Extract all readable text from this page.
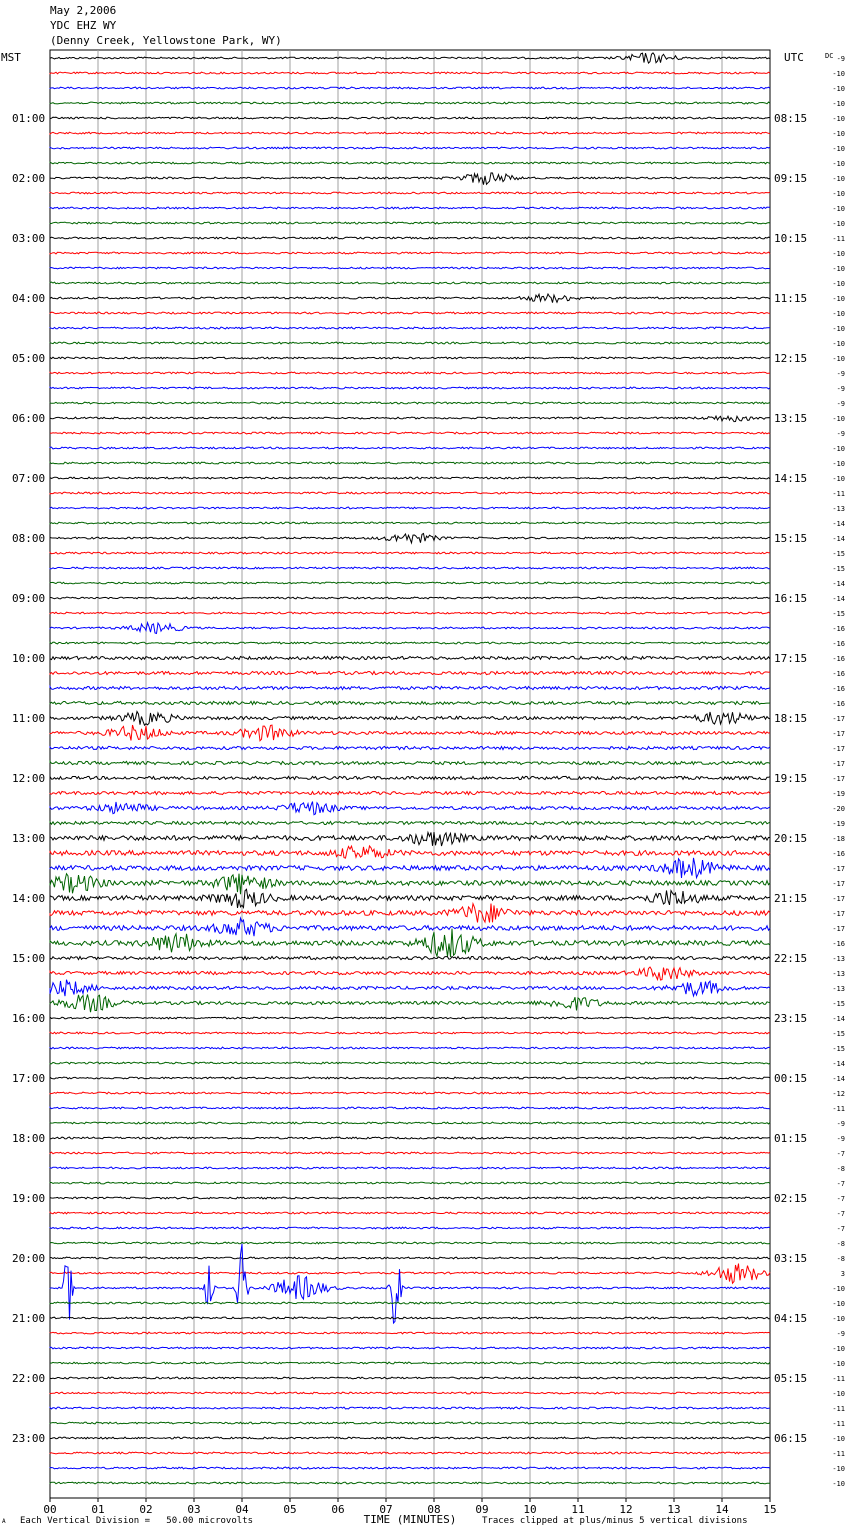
May 2,2006
YDC EHZ WY
(Denny Creek, Yellowstone Park, WY)
00	01	02	03	04	05	06	07	08	09	10	11	12	13	14	15
TIME (MINUTES)
MST	UTC	DC
01:00
02:00
03:00
04:00
05:00
06:00
07:00
08:00
09:00
10:00
11:00
12:00
13:00
14:00
15:00
16:00
17:00
18:00
19:00
20:00
21:00
22:00
23:00
08:15
09:15
10:15
11:15
12:15
13:15
14:15
15:15
16:15
17:15
18:15
19:15
20:15
21:15
22:15
23:15
00:15
01:15
02:15
03:15
04:15
05:15
06:15
-9
-10
-10
-10
-10
-10
-10
-10
-10
-10
-10
-10
-11
-10
-10
-10
-10
-10
-10
-10
-10
-9
-9
-9
-10
-9
-10
-10
-10
-11
-13
-14
-14
-15
-15
-14
-14
-15
-16
-16
-16
-16
-16
-16
-17
-17
-17
-17
-17
-19
-20
-19
-18
-16
-17
-17
-17
-17
-17
-16
-13
-13
-13
-15
-14
-15
-15
-14
-14
-12
-11
-9
-9
-7
-8
-7
-7
-7
-7
-8
-8
3
-10
-10
-10
-9
-10
-10
-11
-10
-11
-11
-10
-11
-10
-10
A Each Vertical Division =   50.00 microvolts	Traces clipped at plus/minus 5 vertical divisions
